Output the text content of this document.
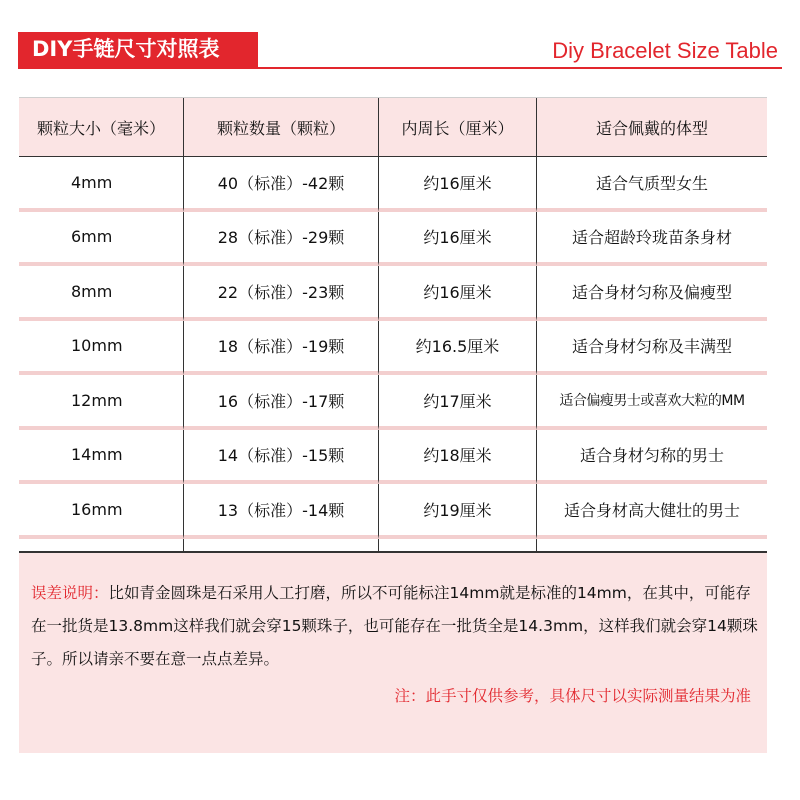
DIY手链尺寸对照表	Diy Bracelet Size Table
颗粒大小（毫米）	颗粒数量（颗粒）	内周长（厘米）	适合佩戴的体型
4mm	40（标准）-42颗	约16厘米	适合气质型女生
6mm	28（标准）-29颗	约16厘米	适合超龄玲珑苗条身材
8mm	22（标准）-23颗	约16厘米	适合身材匀称及偏瘦型
10mm	18（标准）-19颗	约16.5厘米	适合身材匀称及丰满型
12mm	16（标准）-17颗	约17厘米	适合偏瘦男士或喜欢大粒的MM
14mm	14（标准）-15颗	约18厘米	适合身材匀称的男士
16mm	13（标准）-14颗	约19厘米	适合身材高大健壮的男士

误差说明：比如青金圆珠是石采用人工打磨，所以不可能标注14mm就是标准的14mm，在其中，可能存在一批货是13.8mm这样我们就会穿15颗珠子，也可能存在一批货全是14.3mm，这样我们就会穿14颗珠子。所以请亲不要在意一点点差异。
注：此手寸仅供参考，具体尺寸以实际测量结果为准
